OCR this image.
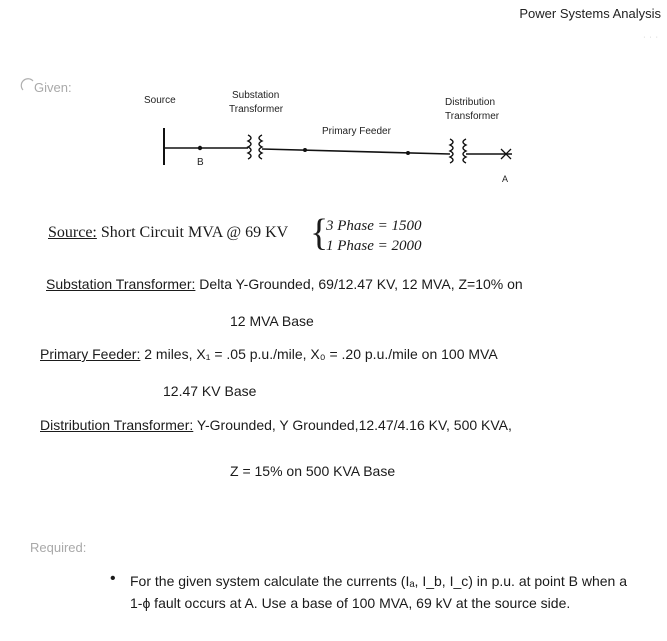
Power Systems Analysis
· · ·
Given:
Source	Substation
Transformer
Primary Feeder
Distribution
Transformer
B
A
Source: Short Circuit MVA @ 69 KV {
3 Phase = 1500
1 Phase = 2000
Substation Transformer: Delta Y-Grounded, 69/12.47 KV, 12 MVA, Z=10% on
12 MVA Base
Primary Feeder: 2 miles, X₁ = .05 p.u./mile, X₀ = .20 p.u./mile on 100 MVA
12.47 KV Base
Distribution Transformer: Y-Grounded, Y Grounded,12.47/4.16 KV, 500 KVA,
Z = 15% on 500 KVA Base
Required:
• For the given system calculate the currents (Iₐ, I_b, I_c) in p.u. at point B when a 1-ϕ fault occurs at A. Use a base of 100 MVA, 69 kV at the source side.
